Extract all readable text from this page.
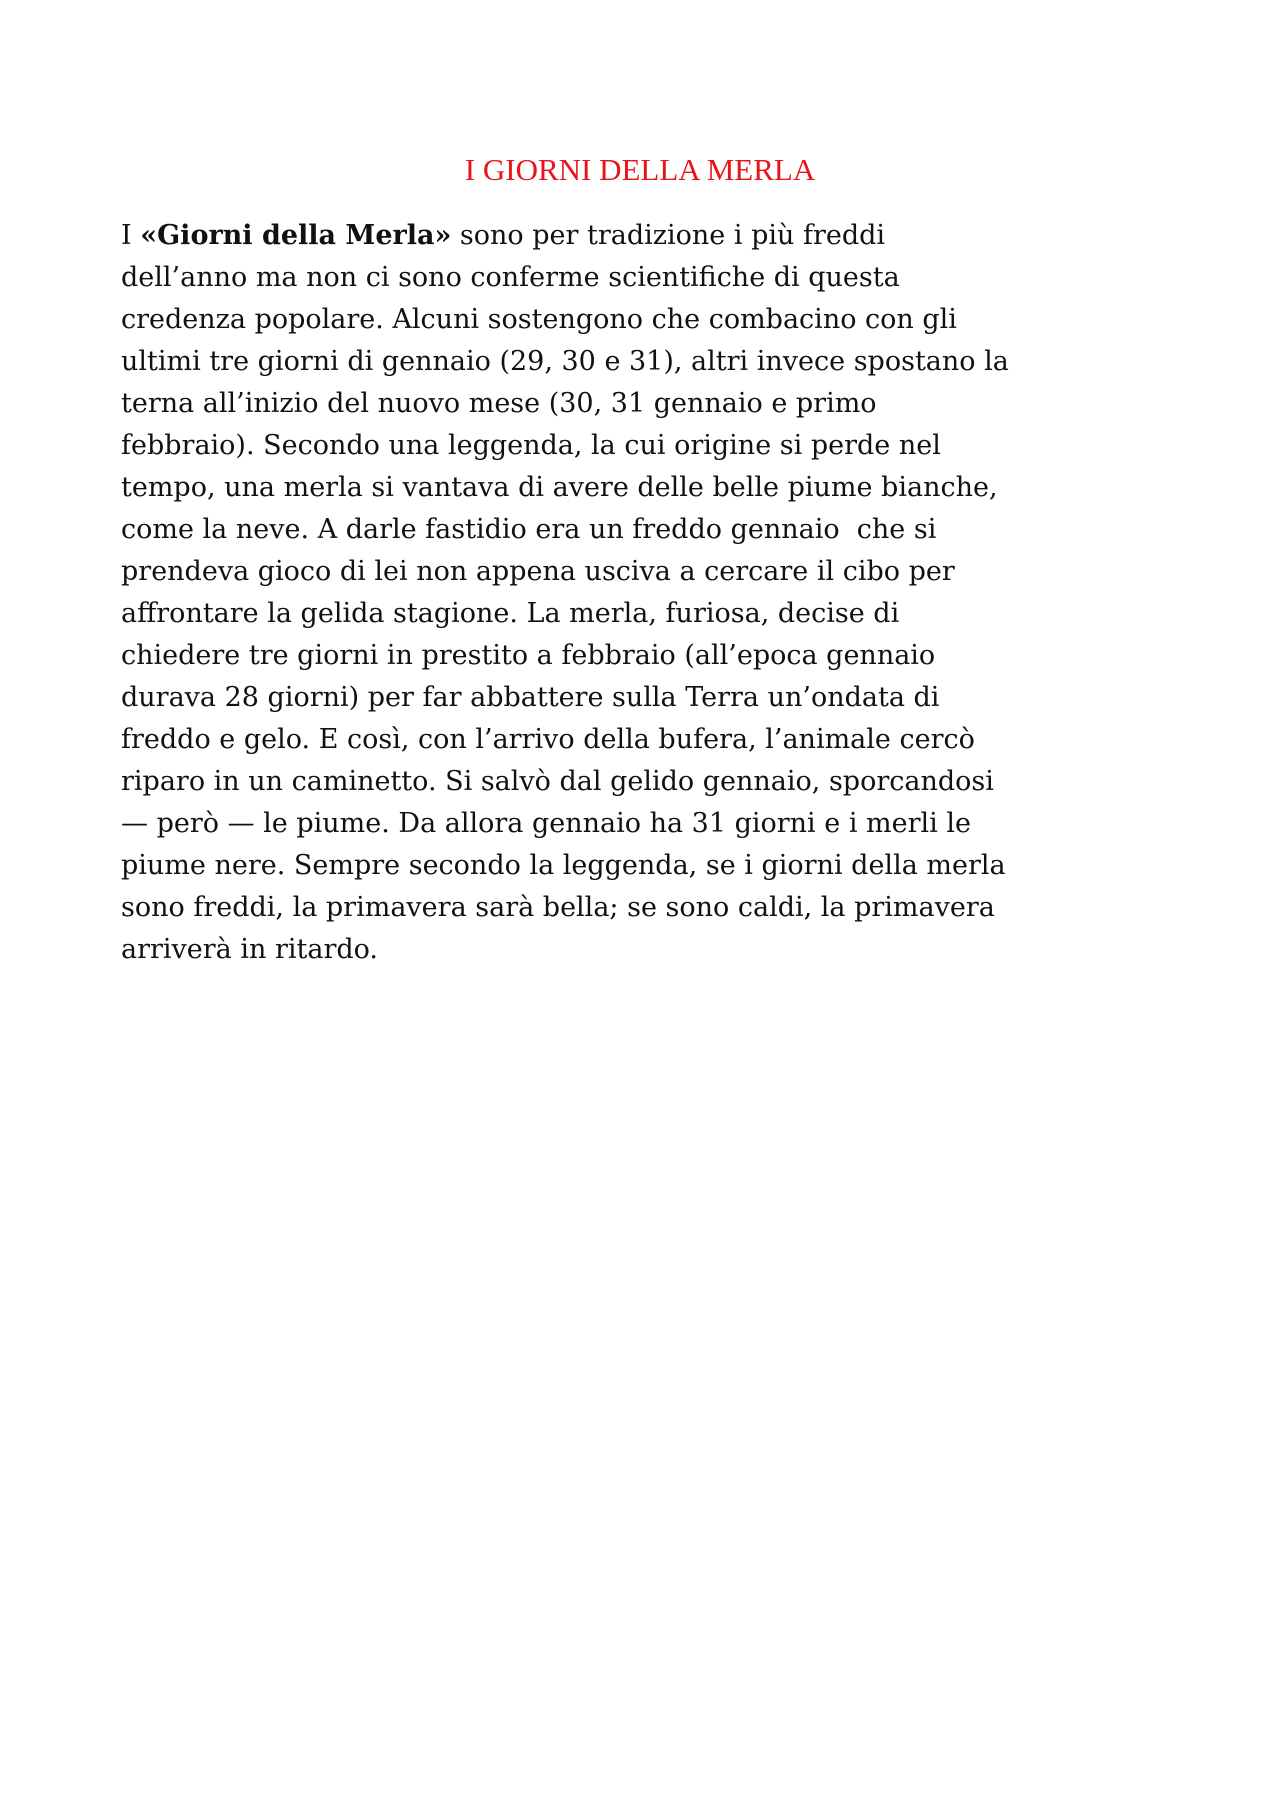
I GIORNI DELLA MERLA
I «Giorni della Merla» sono per tradizione i più freddi
dell’anno ma non ci sono conferme scientifiche di questa
credenza popolare. Alcuni sostengono che combacino con gli
ultimi tre giorni di gennaio (29, 30 e 31), altri invece spostano la
terna all’inizio del nuovo mese (30, 31 gennaio e primo
febbraio). Secondo una leggenda, la cui origine si perde nel
tempo, una merla si vantava di avere delle belle piume bianche,
come la neve. A darle fastidio era un freddo gennaio  che si
prendeva gioco di lei non appena usciva a cercare il cibo per
affrontare la gelida stagione. La merla, furiosa, decise di
chiedere tre giorni in prestito a febbraio (all’epoca gennaio
durava 28 giorni) per far abbattere sulla Terra un’ondata di
freddo e gelo. E così, con l’arrivo della bufera, l’animale cercò
riparo in un caminetto. Si salvò dal gelido gennaio, sporcandosi
— però — le piume. Da allora gennaio ha 31 giorni e i merli le
piume nere. Sempre secondo la leggenda, se i giorni della merla
sono freddi, la primavera sarà bella; se sono caldi, la primavera
arriverà in ritardo.
